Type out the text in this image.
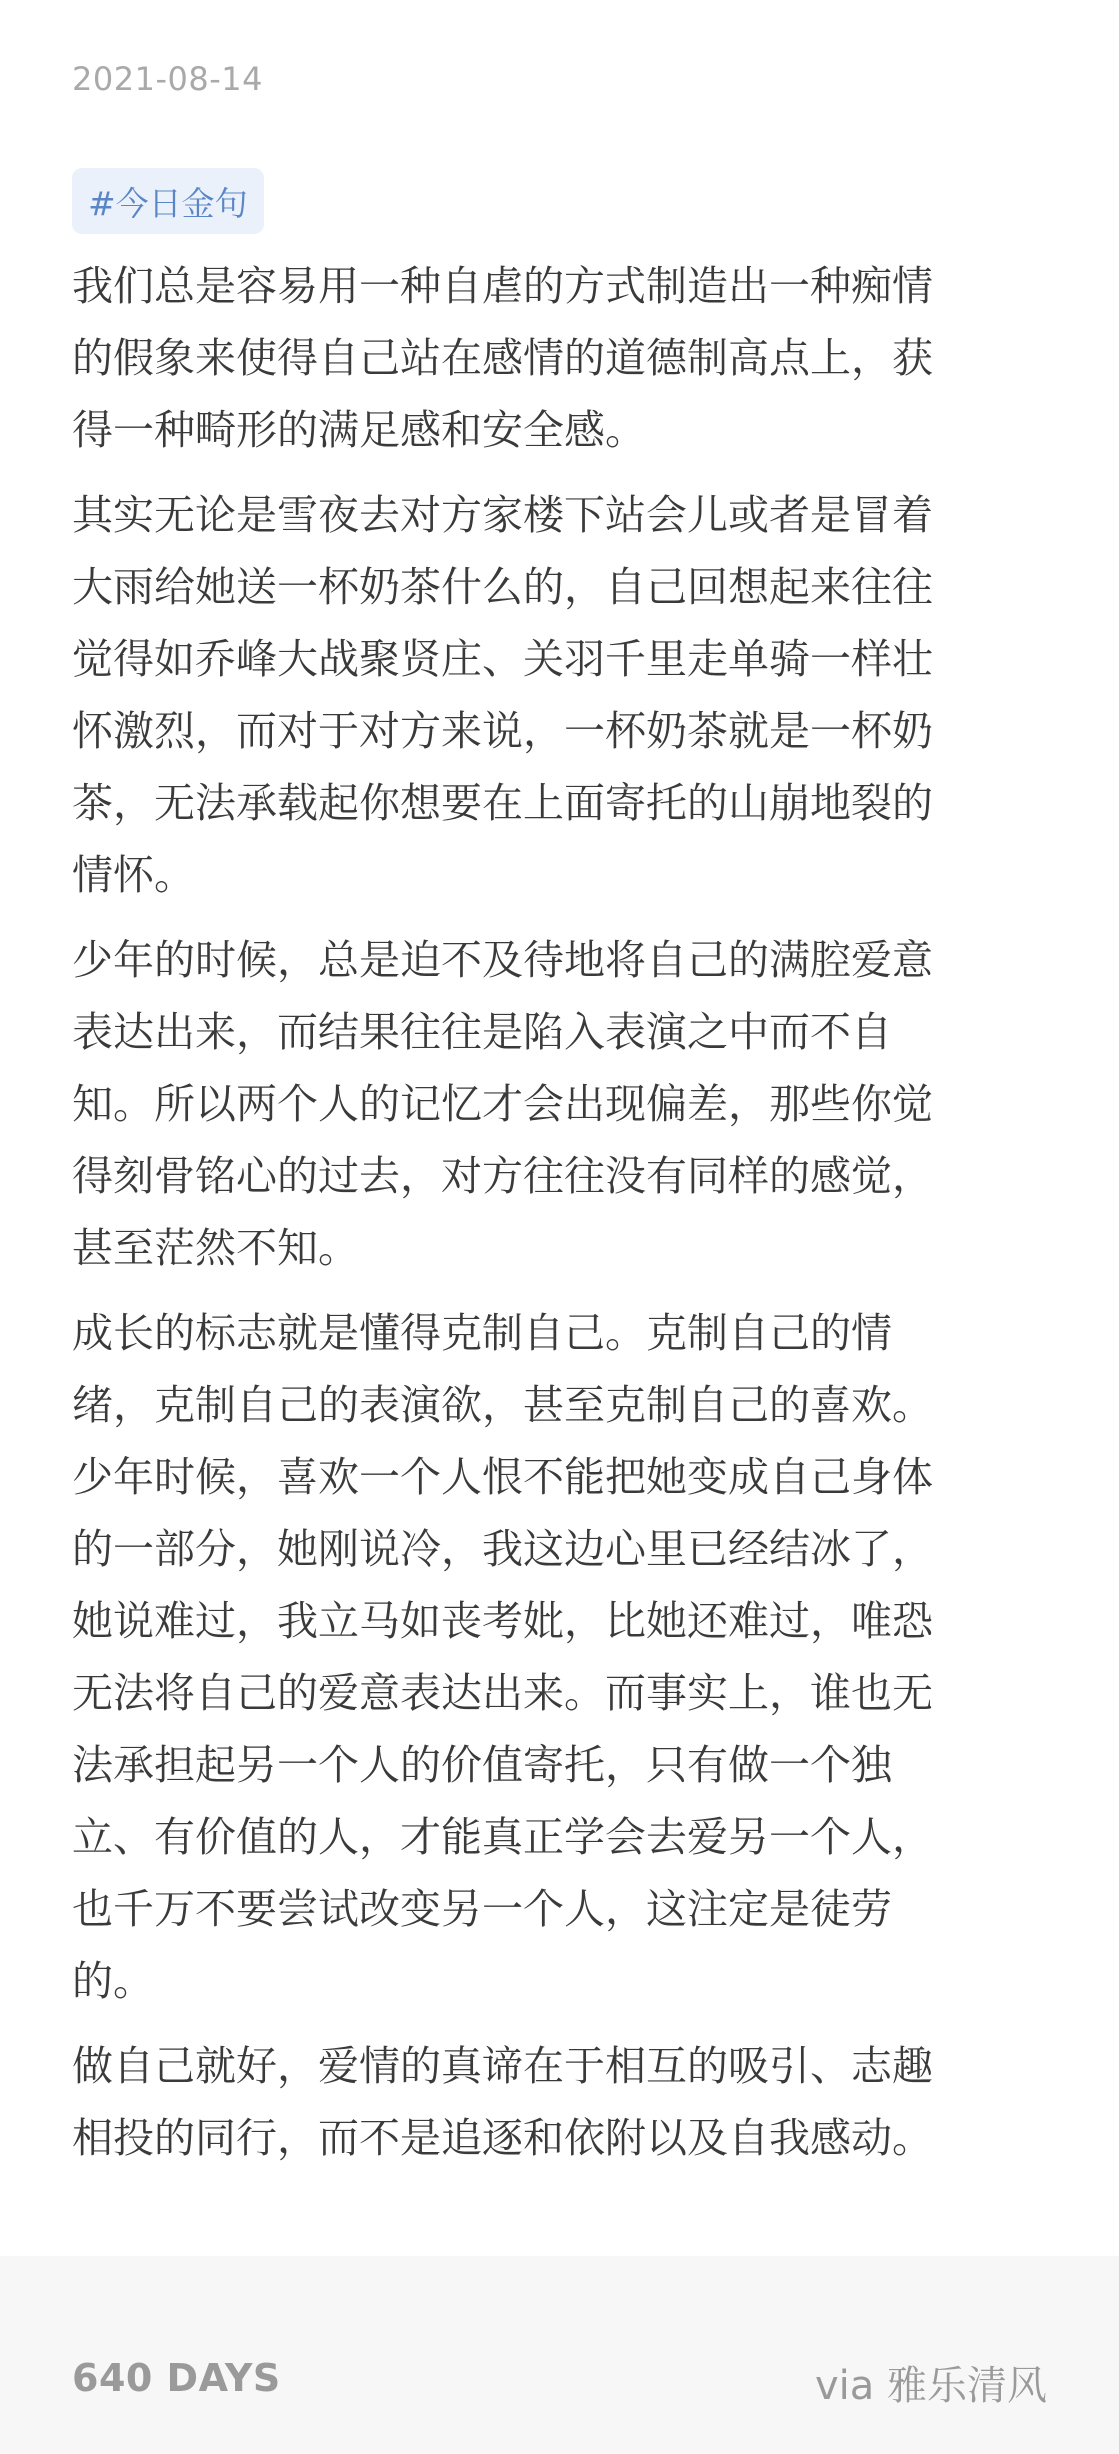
2021-08-14
#今日金句

我们总是容易用一种自虐的方式制造出一种痴情
的假象来使得自己站在感情的道德制高点上，获
得一种畸形的满足感和安全感。

其实无论是雪夜去对方家楼下站会儿或者是冒着
大雨给她送一杯奶茶什么的，自己回想起来往往
觉得如乔峰大战聚贤庄、关羽千里走单骑一样壮
怀激烈，而对于对方来说，一杯奶茶就是一杯奶
茶，无法承载起你想要在上面寄托的山崩地裂的
情怀。

少年的时候，总是迫不及待地将自己的满腔爱意
表达出来，而结果往往是陷入表演之中而不自
知。所以两个人的记忆才会出现偏差，那些你觉
得刻骨铭心的过去，对方往往没有同样的感觉，
甚至茫然不知。

成长的标志就是懂得克制自己。克制自己的情
绪，克制自己的表演欲，甚至克制自己的喜欢。
少年时候，喜欢一个人恨不能把她变成自己身体
的一部分，她刚说冷，我这边心里已经结冰了，
她说难过，我立马如丧考妣，比她还难过，唯恐
无法将自己的爱意表达出来。而事实上，谁也无
法承担起另一个人的价值寄托，只有做一个独
立、有价值的人，才能真正学会去爱另一个人，
也千万不要尝试改变另一个人，这注定是徒劳
的。

做自己就好，爱情的真谛在于相互的吸引、志趣
相投的同行，而不是追逐和依附以及自我感动。

640 DAYS	via 雅乐清风
